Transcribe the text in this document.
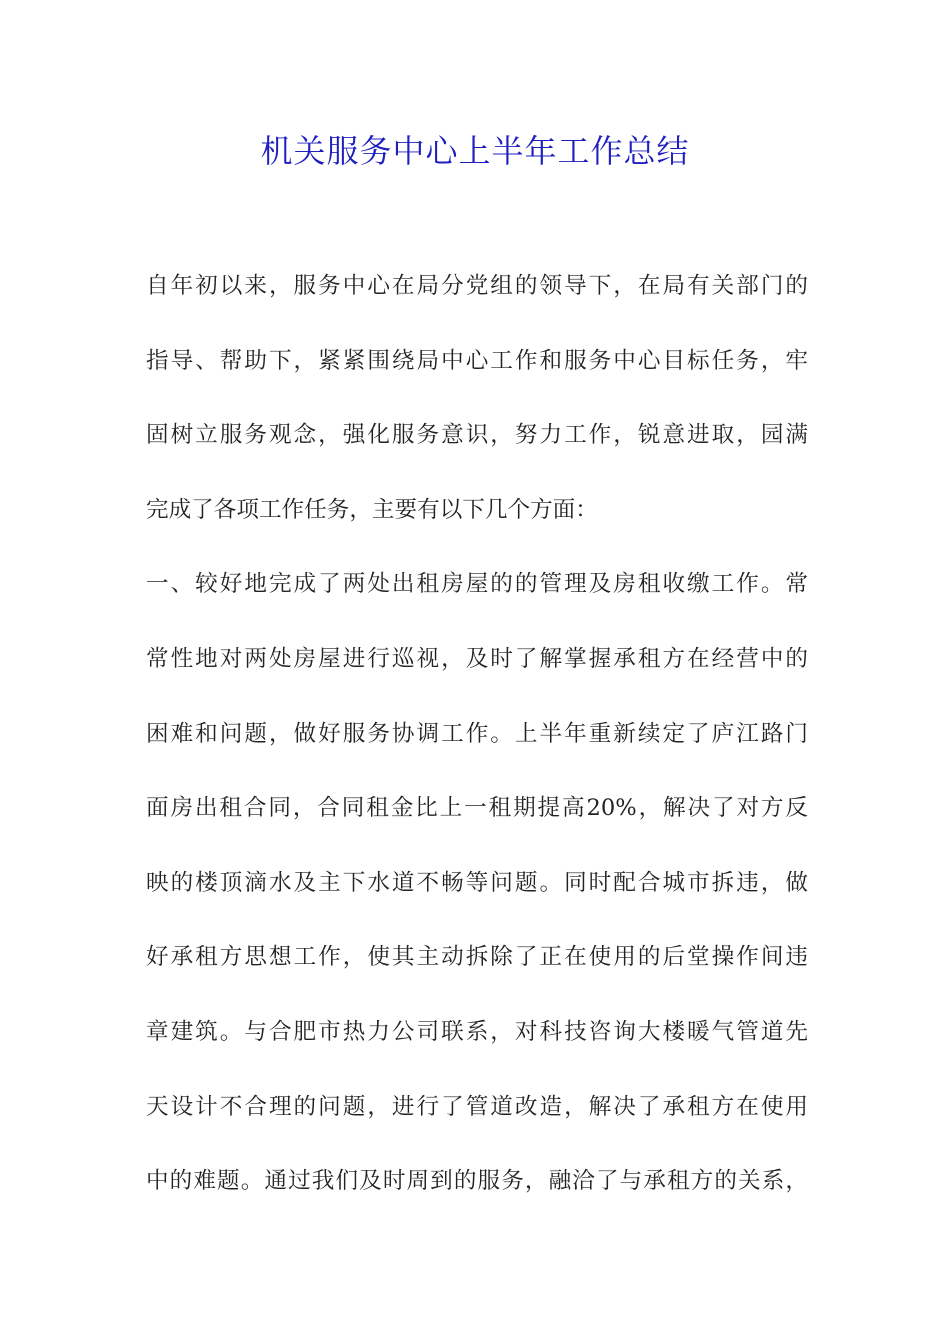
机关服务中心上半年工作总结
自年初以来，服务中心在局分党组的领导下，在局有关部门的
指导、帮助下，紧紧围绕局中心工作和服务中心目标任务，牢
固树立服务观念，强化服务意识，努力工作，锐意进取，园满
完成了各项工作任务，主要有以下几个方面：
一、较好地完成了两处出租房屋的的管理及房租收缴工作。常
常性地对两处房屋进行巡视，及时了解掌握承租方在经营中的
困难和问题，做好服务协调工作。上半年重新续定了庐江路门
面房出租合同，合同租金比上一租期提高20%，解决了对方反
映的楼顶滴水及主下水道不畅等问题。同时配合城市拆违，做
好承租方思想工作，使其主动拆除了正在使用的后堂操作间违
章建筑。与合肥市热力公司联系，对科技咨询大楼暖气管道先
天设计不合理的问题，进行了管道改造，解决了承租方在使用
中的难题。通过我们及时周到的服务，融洽了与承租方的关系，
